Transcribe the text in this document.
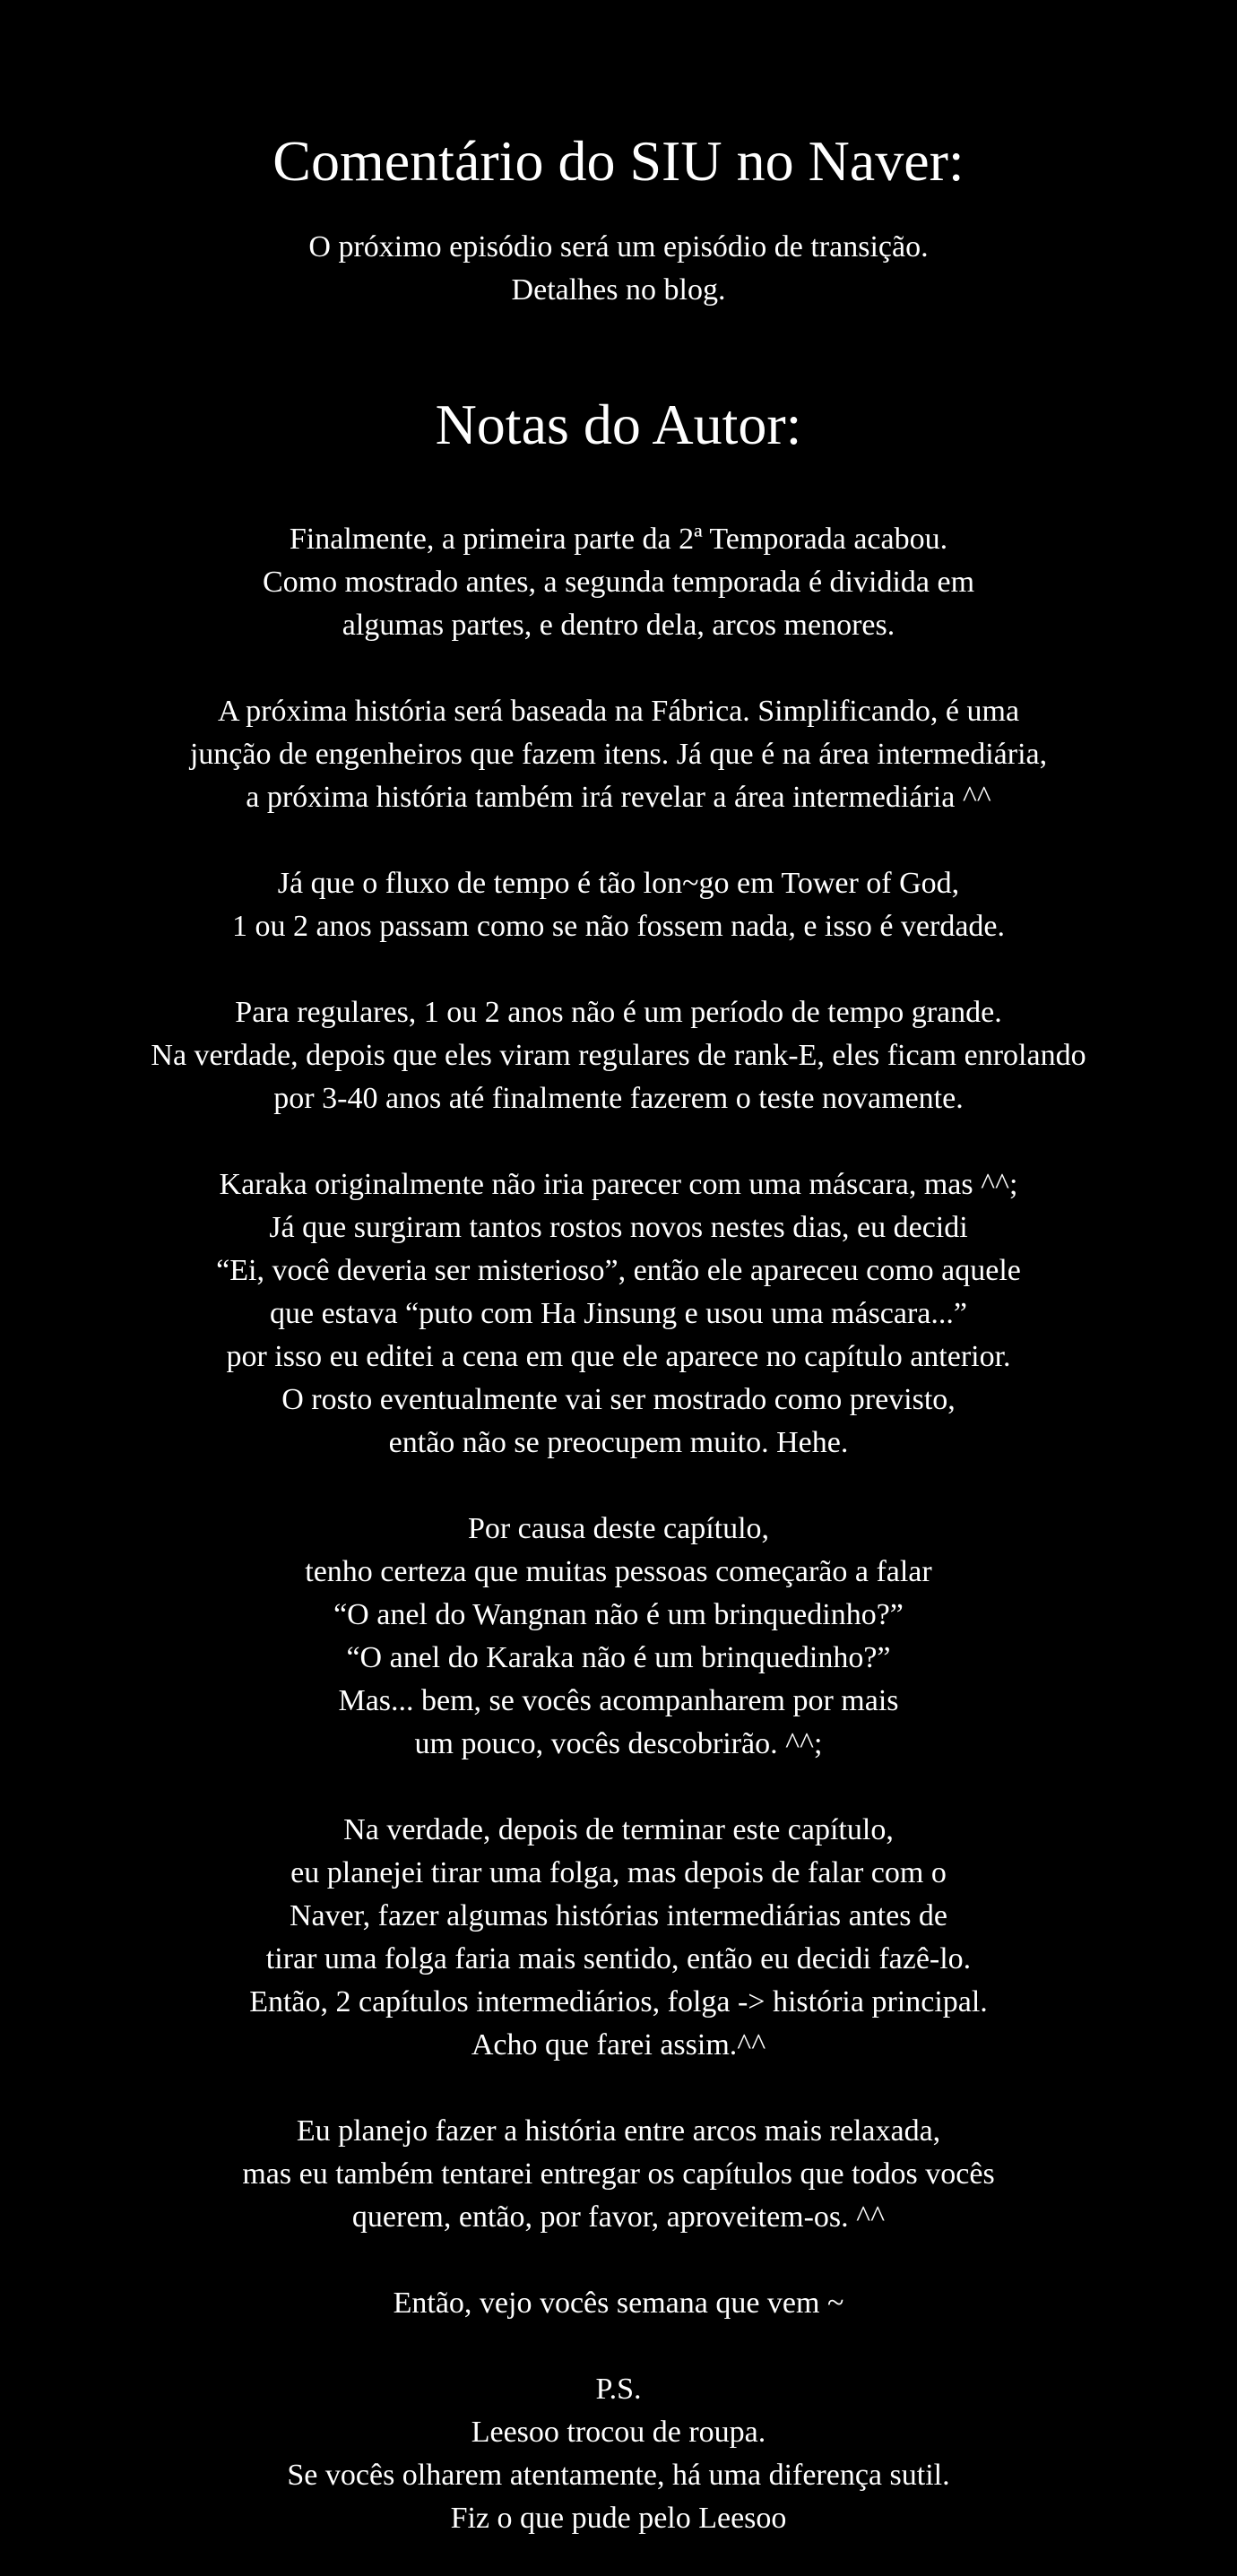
Comentário do SIU no Naver:
O próximo episódio será um episódio de transição.
Detalhes no blog.
Notas do Autor:
Finalmente, a primeira parte da 2ª Temporada acabou.
Como mostrado antes, a segunda temporada é dividida em
algumas partes, e dentro dela, arcos menores.
A próxima história será baseada na Fábrica. Simplificando, é uma
junção de engenheiros que fazem itens. Já que é na área intermediária,
a próxima história também irá revelar a área intermediária ^^
Já que o fluxo de tempo é tão lon~go em Tower of God,
1 ou 2 anos passam como se não fossem nada, e isso é verdade.
Para regulares, 1 ou 2 anos não é um período de tempo grande.
Na verdade, depois que eles viram regulares de rank-E, eles ficam enrolando
por 3-40 anos até finalmente fazerem o teste novamente.
Karaka originalmente não iria parecer com uma máscara, mas ^^;
Já que surgiram tantos rostos novos nestes dias, eu decidi
“Ei, você deveria ser misterioso”, então ele apareceu como aquele
que estava “puto com Ha Jinsung e usou uma máscara...”
por isso eu editei a cena em que ele aparece no capítulo anterior.
O rosto eventualmente vai ser mostrado como previsto,
então não se preocupem muito. Hehe.
Por causa deste capítulo,
tenho certeza que muitas pessoas começarão a falar
“O anel do Wangnan não é um brinquedinho?”
“O anel do Karaka não é um brinquedinho?”
Mas... bem, se vocês acompanharem por mais
um pouco, vocês descobrirão. ^^;
Na verdade, depois de terminar este capítulo,
eu planejei tirar uma folga, mas depois de falar com o
Naver, fazer algumas histórias intermediárias antes de
tirar uma folga faria mais sentido, então eu decidi fazê-lo.
Então, 2 capítulos intermediários, folga -> história principal.
Acho que farei assim.^^
Eu planejo fazer a história entre arcos mais relaxada,
mas eu também tentarei entregar os capítulos que todos vocês
querem, então, por favor, aproveitem-os. ^^
Então, vejo vocês semana que vem ~
P.S.
Leesoo trocou de roupa.
Se vocês olharem atentamente, há uma diferença sutil.
Fiz o que pude pelo Leesoo
